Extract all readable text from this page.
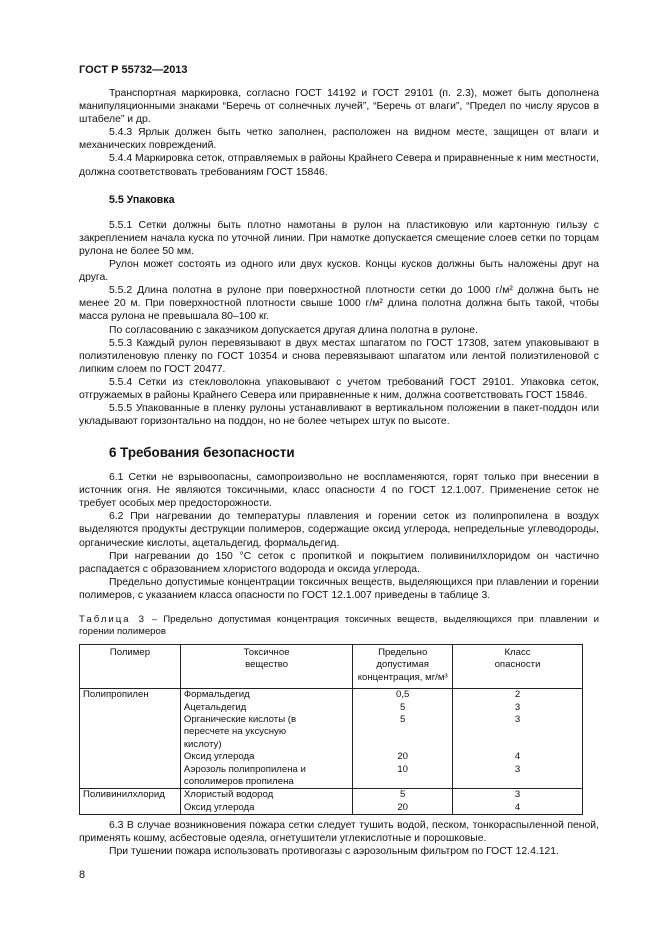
ГОСТ Р 55732—2013

Транспортная маркировка, согласно ГОСТ 14192 и ГОСТ 29101 (п. 2.3), может быть дополнена манипуляционными знаками “Беречь от солнечных лучей”, “Беречь от влаги”, “Предел по числу ярусов в штабеле” и др.

5.4.3 Ярлык должен быть четко заполнен, расположен на видном месте, защищен от влаги и механических повреждений.

5.4.4 Маркировка сеток, отправляемых в районы Крайнего Севера и приравненные к ним местности, должна соответствовать требованиям ГОСТ 15846.

5.5 Упаковка

5.5.1 Сетки должны быть плотно намотаны в рулон на пластиковую или картонную гильзу с закреплением начала куска по уточной линии. При намотке допускается смещение слоев сетки по торцам рулона не более 50 мм.

Рулон может состоять из одного или двух кусков. Концы кусков должны быть наложены друг на друга.

5.5.2 Длина полотна в рулоне при поверхностной плотности сетки до 1000 г/м² должна быть не менее 20 м. При поверхностной плотности свыше 1000 г/м² длина полотна должна быть такой, чтобы масса рулона не превышала 80–100 кг.

По согласованию с заказчиком допускается другая длина полотна в рулоне.

5.5.3 Каждый рулон перевязывают в двух местах шпагатом по ГОСТ 17308, затем упаковывают в полиэтиленовую пленку по ГОСТ 10354 и снова перевязывают шпагатом или лентой полиэтиленовой с липким слоем по ГОСТ 20477.

5.5.4 Сетки из стекловолокна упаковывают с учетом требований ГОСТ 29101. Упаковка сеток, отгружаемых в районы Крайнего Севера или приравненные к ним, должна соответствовать ГОСТ 15846.

5.5.5 Упакованные в пленку рулоны устанавливают в вертикальном положении в пакет-поддон или укладывают горизонтально на поддон, но не более четырех штук по высоте.

6 Требования безопасности

6.1 Сетки не взрывоопасны, самопроизвольно не воспламеняются, горят только при внесении в источник огня. Не являются токсичными, класс опасности 4 по ГОСТ 12.1.007. Применение сеток не требует особых мер предосторожности.

6.2 При нагревании до температуры плавления и горении сеток из полипропилена в воздух выделяются продукты деструкции полимеров, содержащие оксид углерода, непредельные углеводороды, органические кислоты, ацетальдегид, формальдегид.

При нагревании до 150 °С сеток с пропиткой и покрытием поливинилхлоридом он частично распадается с образованием хлористого водорода и оксида углерода.

Предельно допустимые концентрации токсичных веществ, выделяющихся при плавлении и горении полимеров, с указанием класса опасности по ГОСТ 12.1.007 приведены в таблице 3.

Таблица 3 – Предельно допустимая концентрация токсичных веществ, выделяющихся при плавлении и горении полимеров

Полимер	Токсичное вещество	Предельно допустимая концентрация, мг/м³	Класс опасности
Полипропилен	Формальдегид	0,5	2
	Ацетальдегид	5	3
	Органические кислоты (в пересчете на уксусную кислоту)	5	3
	Оксид углерода	20	4
	Аэрозоль полипропилена и сополимеров пропилена	10	3
Поливинилхлорид	Хлористый водород	5	3
	Оксид углерода	20	4

6.3 В случае возникновения пожара сетки следует тушить водой, песком, тонкораспыленной пеной, применять кошму, асбестовые одеяла, огнетушители углекислотные и порошковые.

При тушении пожара использовать противогазы с аэрозольным фильтром по ГОСТ 12.4.121.

8
